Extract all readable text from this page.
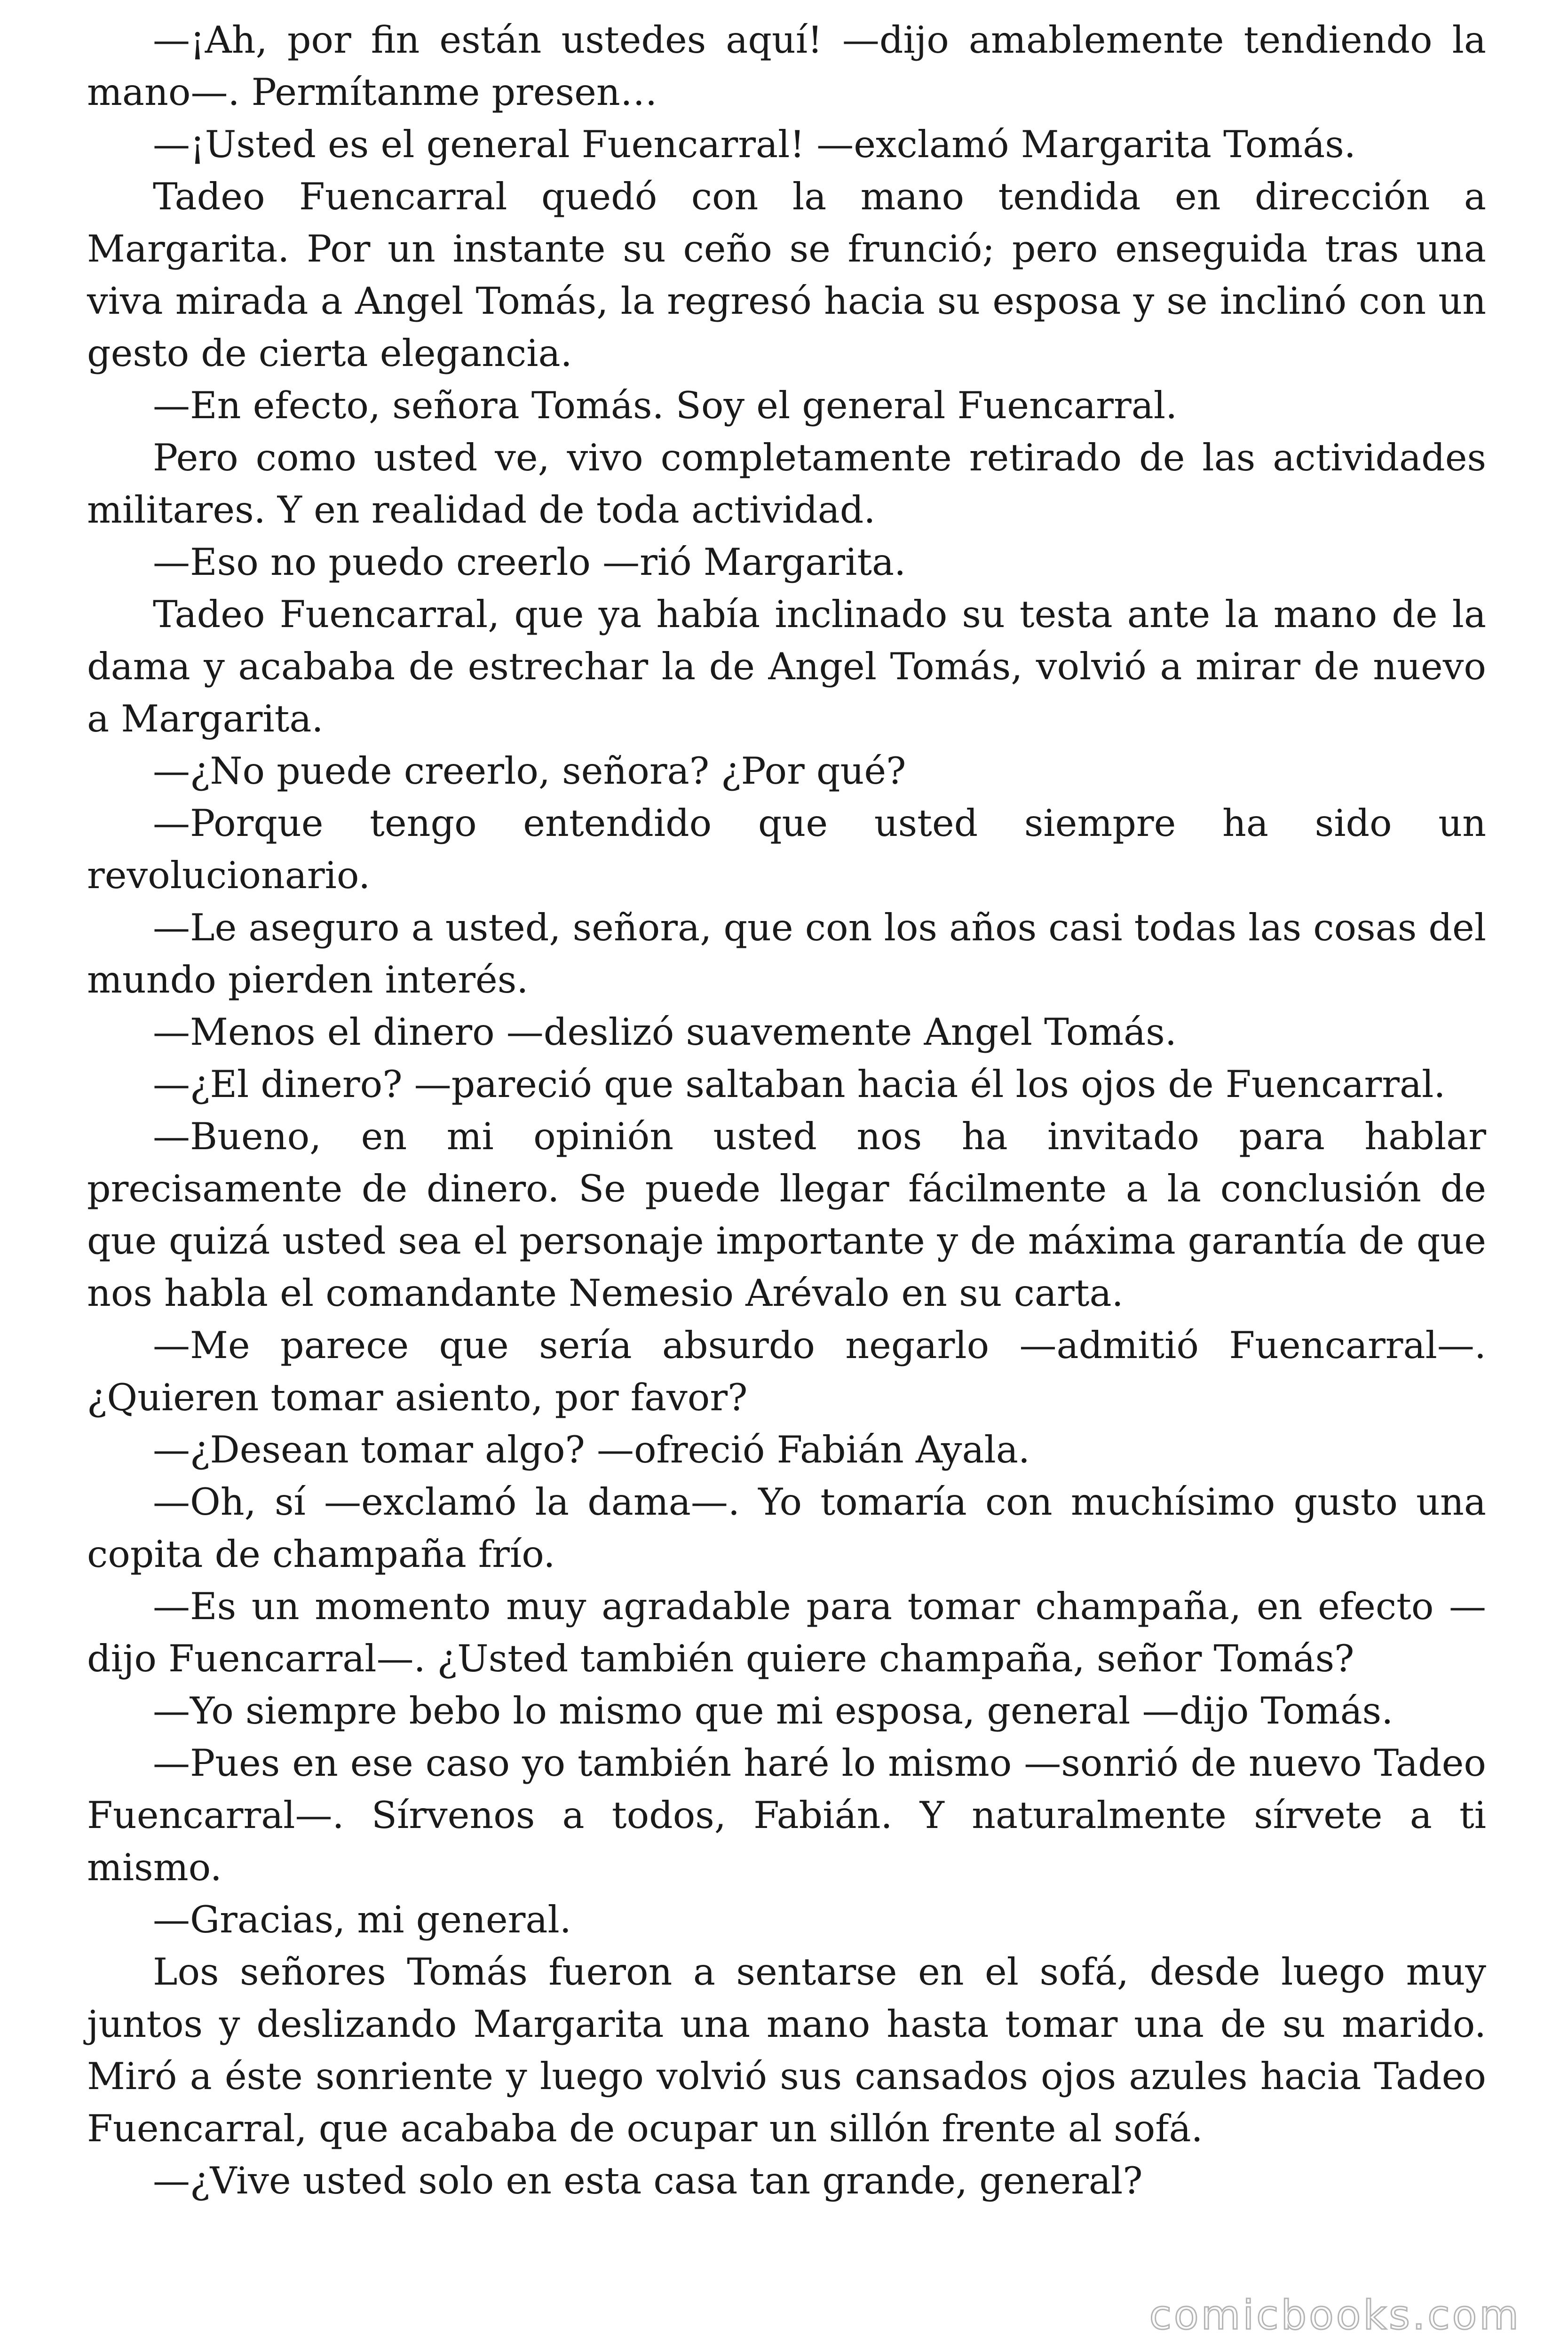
—¡Ah, por fin están ustedes aquí! —dijo amablemente tendiendo la mano—. Permítanme presen…

—¡Usted es el general Fuencarral! —exclamó Margarita Tomás.

Tadeo Fuencarral quedó con la mano tendida en dirección a Margarita. Por un instante su ceño se frunció; pero enseguida tras una viva mirada a Angel Tomás, la regresó hacia su esposa y se inclinó con un gesto de cierta elegancia.

—En efecto, señora Tomás. Soy el general Fuencarral.

Pero como usted ve, vivo completamente retirado de las actividades militares. Y en realidad de toda actividad.

—Eso no puedo creerlo —rió Margarita.

Tadeo Fuencarral, que ya había inclinado su testa ante la mano de la dama y acababa de estrechar la de Angel Tomás, volvió a mirar de nuevo a Margarita.

—¿No puede creerlo, señora? ¿Por qué?

—Porque tengo entendido que usted siempre ha sido un revolucionario.

—Le aseguro a usted, señora, que con los años casi todas las cosas del mundo pierden interés.

—Menos el dinero —deslizó suavemente Angel Tomás.

—¿El dinero? —pareció que saltaban hacia él los ojos de Fuencarral.

—Bueno, en mi opinión usted nos ha invitado para hablar precisamente de dinero. Se puede llegar fácilmente a la conclusión de que quizá usted sea el personaje importante y de máxima garantía de que nos habla el comandante Nemesio Arévalo en su carta.

—Me parece que sería absurdo negarlo —admitió Fuencarral—. ¿Quieren tomar asiento, por favor?

—¿Desean tomar algo? —ofreció Fabián Ayala.

—Oh, sí —exclamó la dama—. Yo tomaría con muchísimo gusto una copita de champaña frío.

—Es un momento muy agradable para tomar champaña, en efecto —dijo Fuencarral—. ¿Usted también quiere champaña, señor Tomás?

—Yo siempre bebo lo mismo que mi esposa, general —dijo Tomás.

—Pues en ese caso yo también haré lo mismo —sonrió de nuevo Tadeo Fuencarral—. Sírvenos a todos, Fabián. Y naturalmente sírvete a ti mismo.

—Gracias, mi general.

Los señores Tomás fueron a sentarse en el sofá, desde luego muy juntos y deslizando Margarita una mano hasta tomar una de su marido. Miró a éste sonriente y luego volvió sus cansados ojos azules hacia Tadeo Fuencarral, que acababa de ocupar un sillón frente al sofá.

—¿Vive usted solo en esta casa tan grande, general?

comicbooks.com
